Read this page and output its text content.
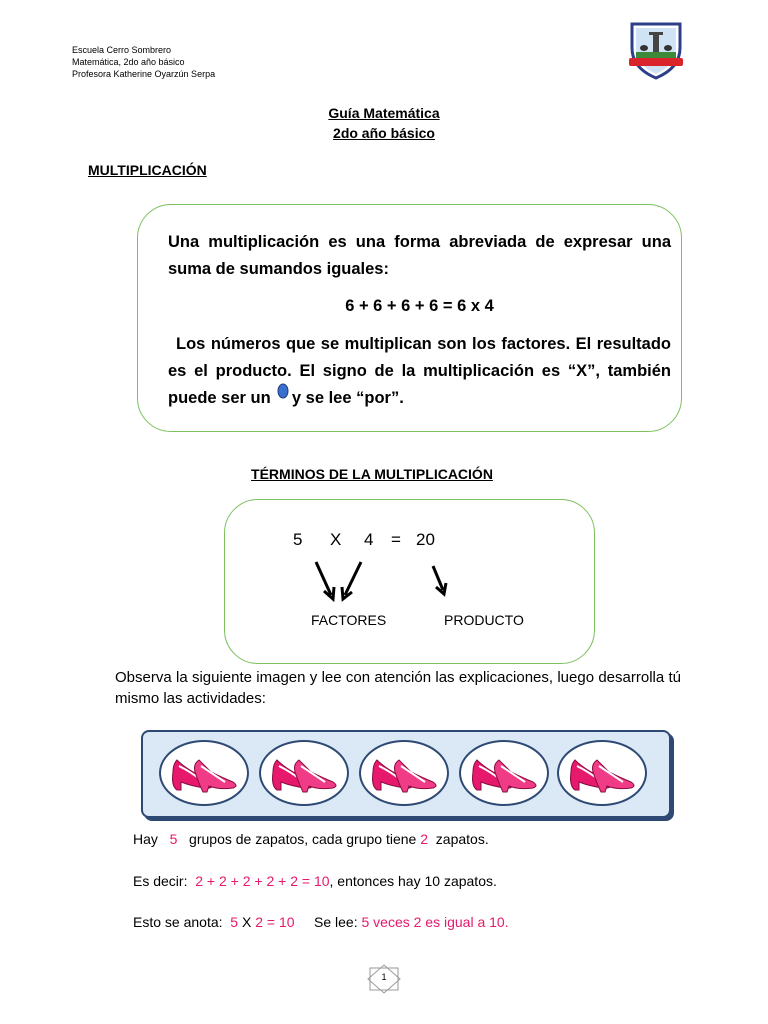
Escuela Cerro Sombrero
Matemática, 2do año básico
Profesora Katherine Oyarzún Serpa
Guía Matemática
2do año básico
MULTIPLICACIÓN
Una multiplicación es una forma abreviada de expresar una suma de sumandos iguales:
6 + 6 + 6 + 6 = 6 x 4
Los números que se multiplican son los factores. El resultado es el producto. El signo de la multiplicación es “X”, también puede ser un y se lee “por”.
TÉRMINOS DE LA MULTIPLICACIÓN
5 X 4 = 20
FACTORES	PRODUCTO
Observa la siguiente imagen y lee con atención las explicaciones, luego desarrolla tú mismo las actividades:
Hay 5 grupos de zapatos, cada grupo tiene 2 zapatos.
Es decir: 2 + 2 + 2 + 2 + 2 = 10, entonces hay 10 zapatos.
Esto se anota: 5 X 2 = 10 Se lee: 5 veces 2 es igual a 10.
1
